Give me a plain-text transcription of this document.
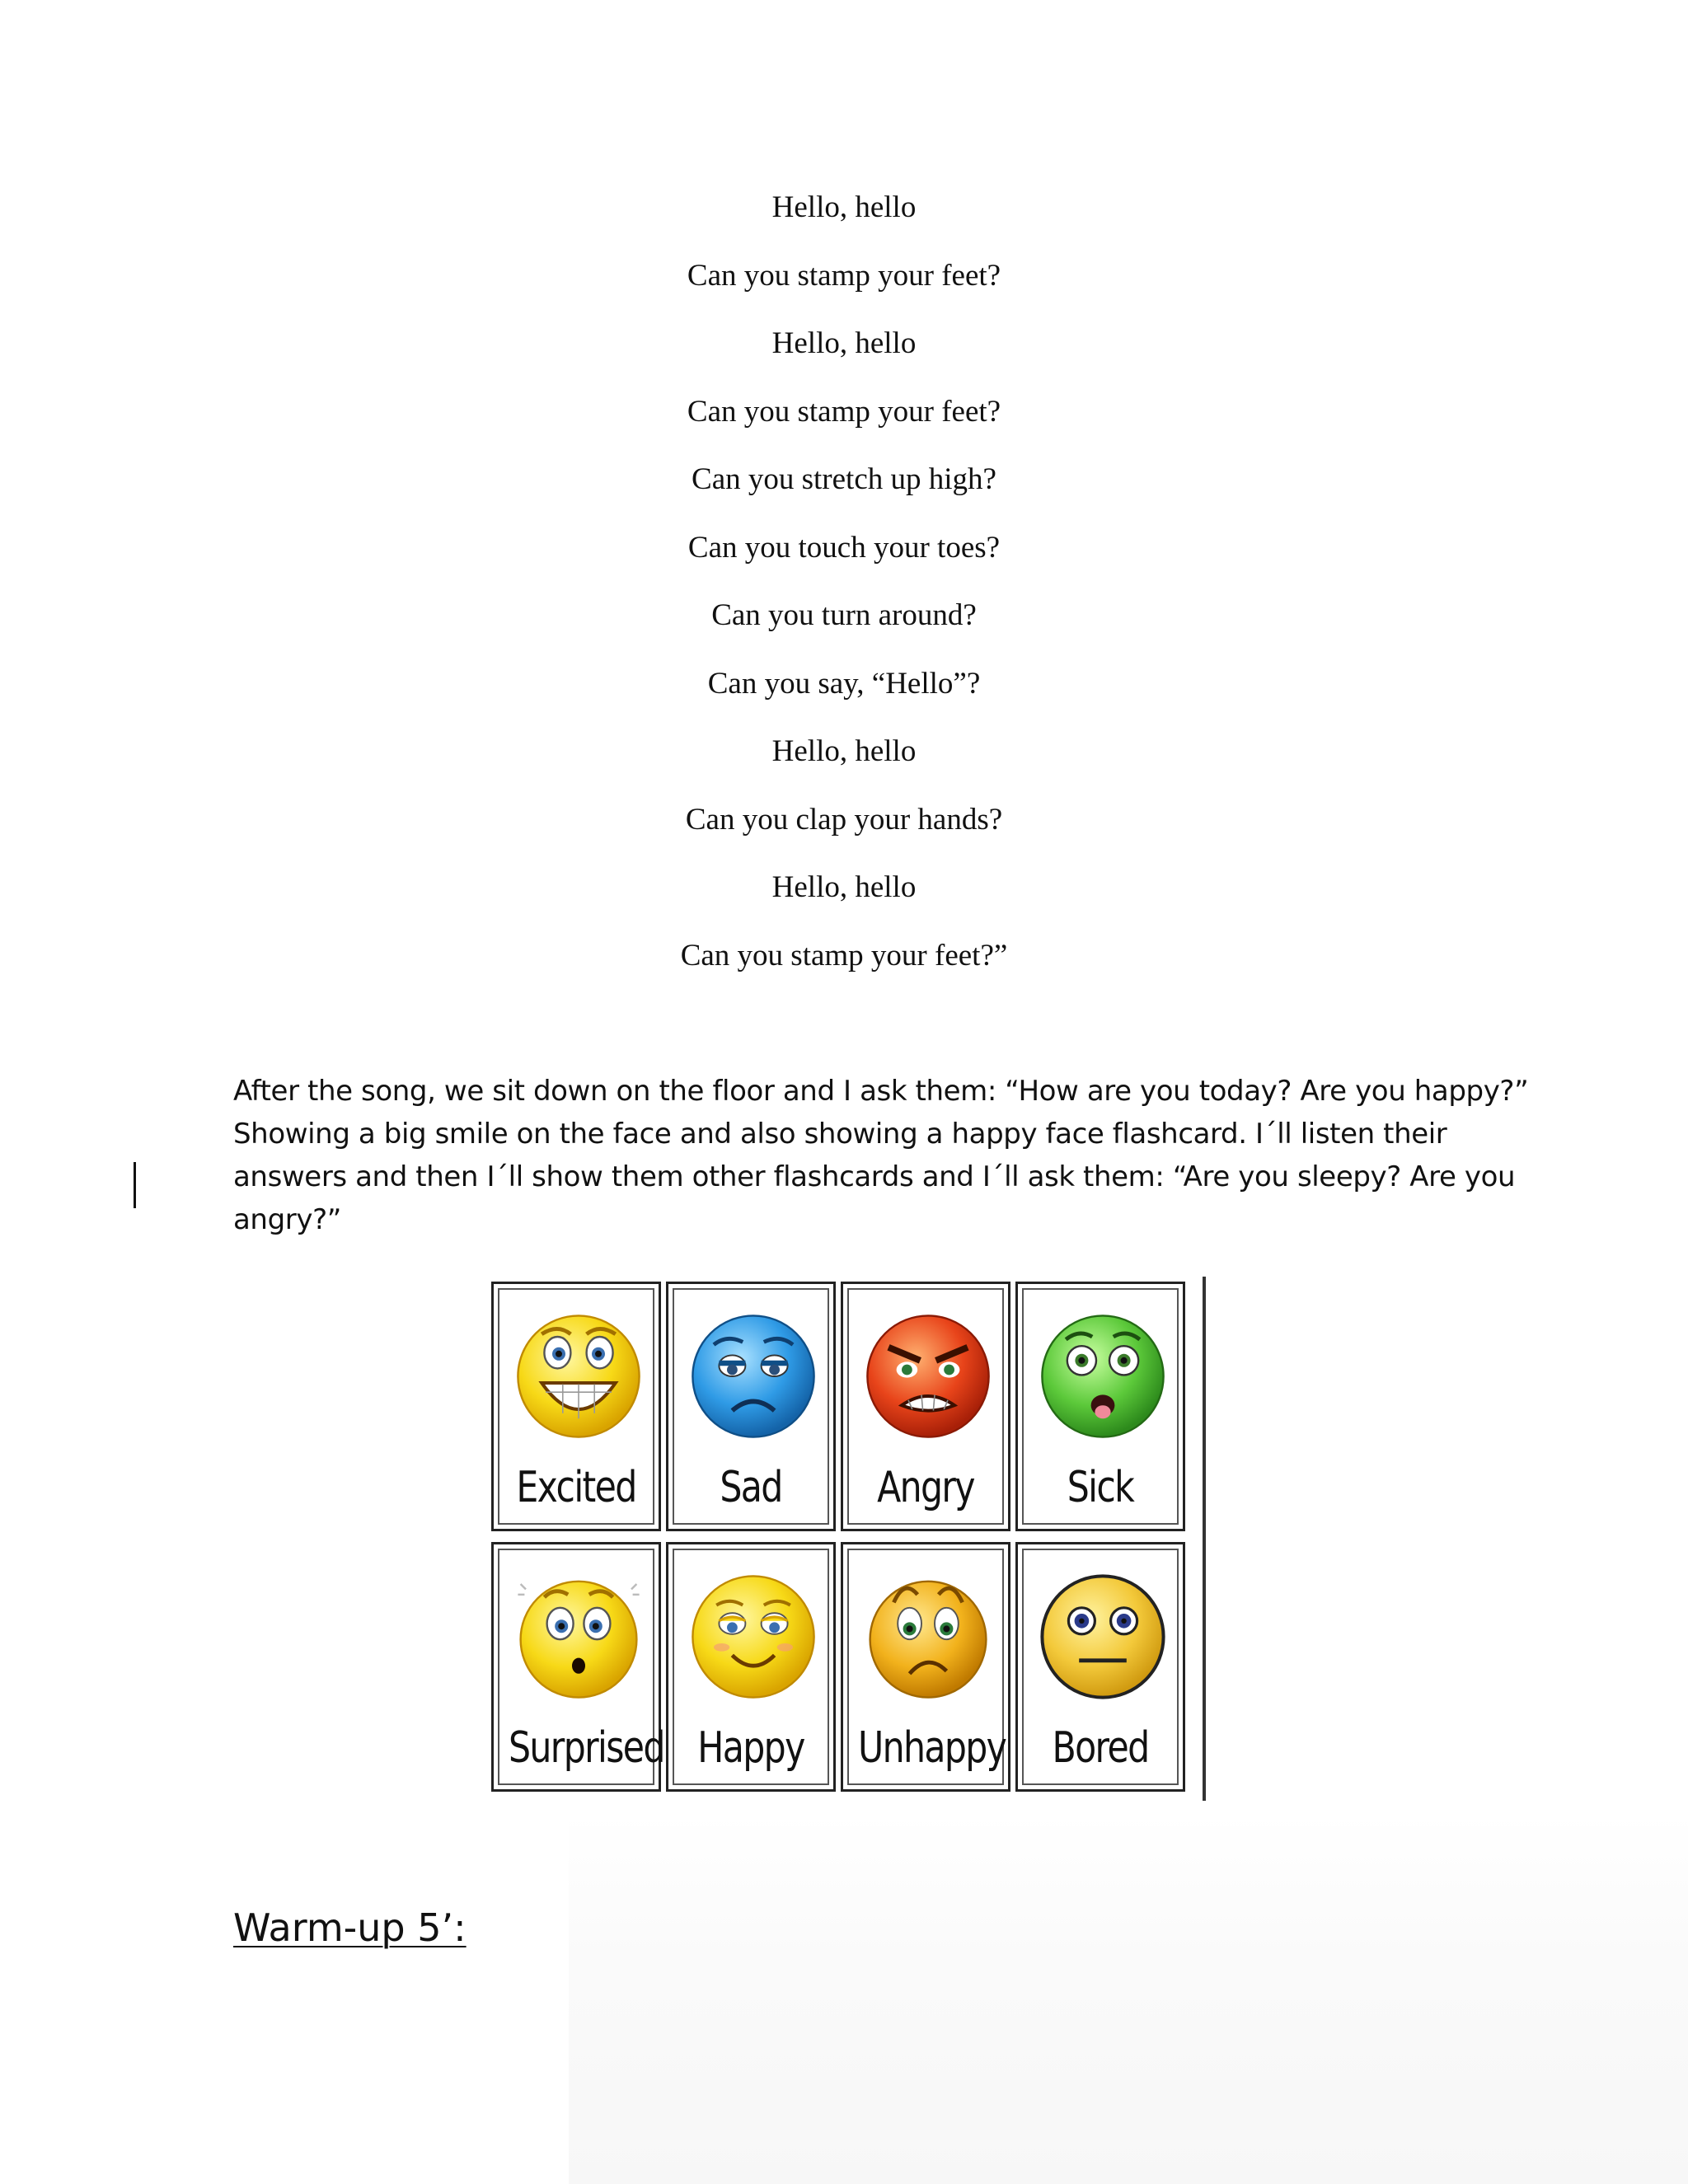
Hello, hello
Can you stamp your feet?
Hello, hello
Can you stamp your feet?
Can you stretch up high?
Can you touch your toes?
Can you turn around?
Can you say, “Hello”?
Hello, hello
Can you clap your hands?
Hello, hello
Can you stamp your feet?”
After the song, we sit down on the floor and I ask them: “How are you today? Are you happy?”
Showing a big smile on the face and also showing a happy face flashcard. I´ll listen their
answers and then I´ll show them other flashcards and I´ll ask them: “Are you sleepy? Are you
angry?”
Excited	Sad	Angry	Sick
Surprised Happy	Unhappy	Bored
Warm-up 5’:
